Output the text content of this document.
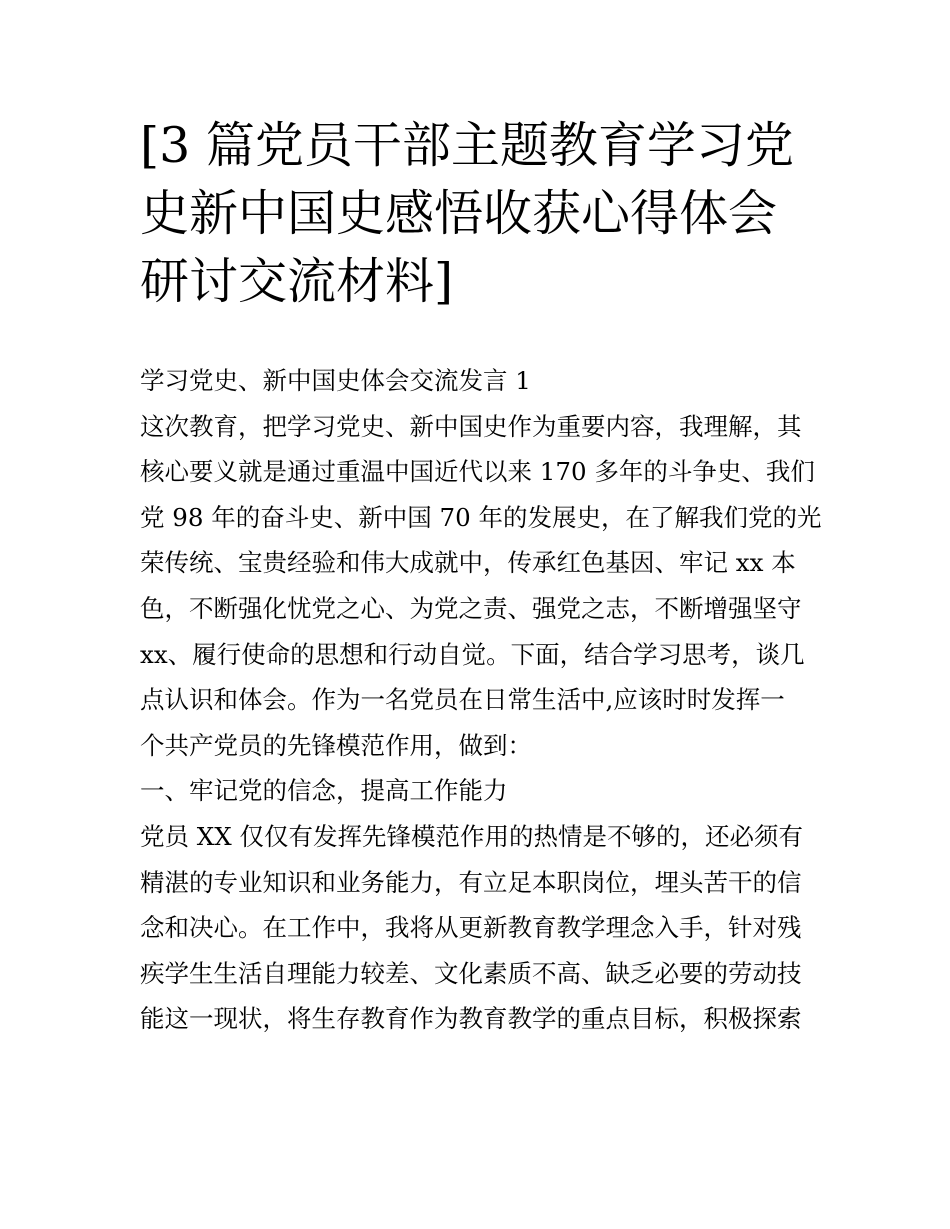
[3 篇党员干部主题教育学习党
史新中国史感悟收获心得体会
研讨交流材料]
学习党史、新中国史体会交流发言 1
这次教育，把学习党史、新中国史作为重要内容，我理解，其
核心要义就是通过重温中国近代以来 170 多年的斗争史、我们
党 98 年的奋斗史、新中国 70 年的发展史，在了解我们党的光
荣传统、宝贵经验和伟大成就中，传承红色基因、牢记 xx 本
色，不断强化忧党之心、为党之责、强党之志，不断增强坚守
xx、履行使命的思想和行动自觉。下面，结合学习思考，谈几
点认识和体会。作为一名党员在日常生活中,应该时时发挥一
个共产党员的先锋模范作用，做到：
一、牢记党的信念，提高工作能力
党员 XX 仅仅有发挥先锋模范作用的热情是不够的，还必须有
精湛的专业知识和业务能力，有立足本职岗位，埋头苦干的信
念和决心。在工作中，我将从更新教育教学理念入手，针对残
疾学生生活自理能力较差、文化素质不高、缺乏必要的劳动技
能这一现状，将生存教育作为教育教学的重点目标，积极探索
